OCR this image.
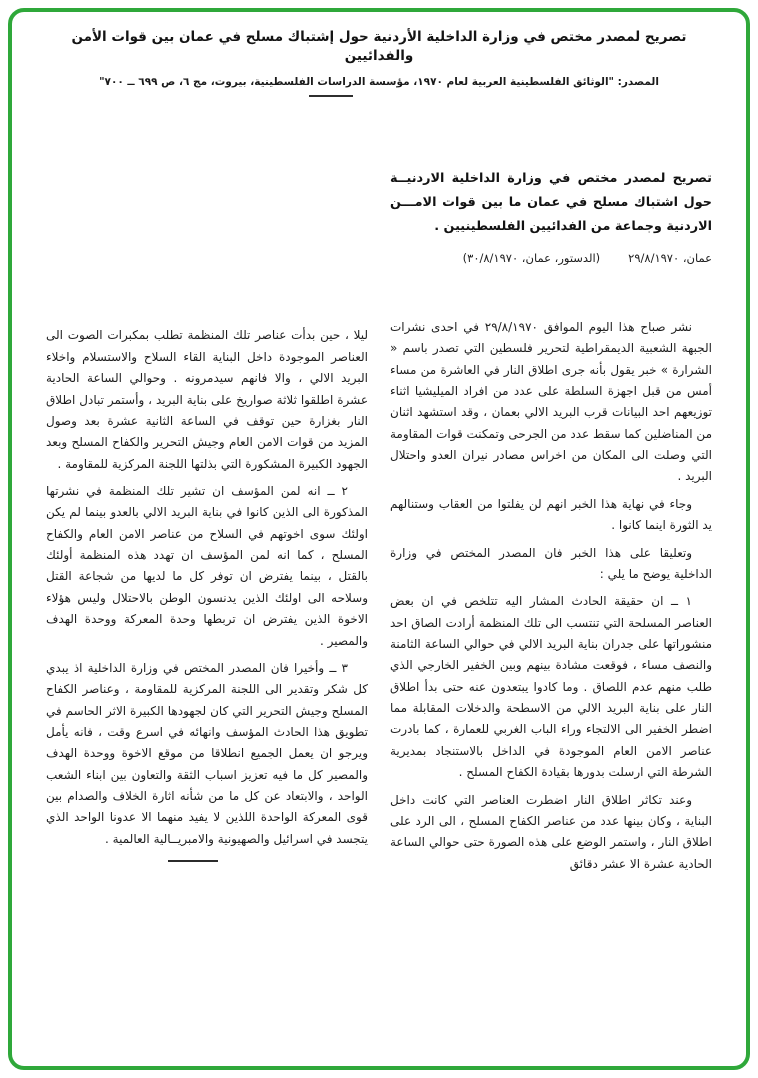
تصريح لمصدر مختص في وزارة الداخلية الأردنية حول إشتباك مسلح في عمان بين قوات الأمن والفدائيين
المصدر: "الوثائق الفلسطينية العربية لعام ١٩٧٠، مؤسسة الدراسات الفلسطينية، بيروت، مج ٦، ص ٦٩٩ ــ ٧٠٠"
تصريح لمصدر مختص في وزارة الداخلية الاردنيــة حول اشتباك مسلح في عمان ما بين قوات الامـــن الاردنية وجماعة من الفدائيين الفلسطينيين .
عمان، ٢٩/٨/١٩٧٠
(الدستور، عمان، ٣٠/٨/١٩٧٠)

نشر صباح هذا اليوم الموافق ٢٩/٨/١٩٧٠ في احدى نشرات الجبهة الشعبية الديمقراطية لتحرير فلسطين التي تصدر باسم « الشرارة » خبر يقول بأنه جرى اطلاق النار في العاشرة من مساء أمس من قبل اجهزة السلطة على عدد من افراد الميليشيا اثناء توزيعهم احد البيانات قرب البريد الالي بعمان ، وقد استشهد اثنان من المناضلين كما سقط عدد من الجرحى وتمكنت قوات المقاومة التي وصلت الى المكان من اخراس مصادر نيران العدو واحتلال البريد .

وجاء في نهاية هذا الخبر انهم لن يفلتوا من العقاب وستنالهم يد الثورة اينما كانوا .

وتعليقا على هذا الخبر فان المصدر المختص في وزارة الداخلية يوضح ما يلي :

١ ــ ان حقيقة الحادث المشار اليه تتلخص في ان بعض العناصر المسلحة التي تنتسب الى تلك المنظمة أرادت الصاق احد منشوراتها على جدران بناية البريد الالي في حوالي الساعة الثامنة والنصف مساء ، فوقعت مشادة بينهم وبين الخفير الخارجي الذي طلب منهم عدم اللصاق . وما كادوا يبتعدون عنه حتى بدأ اطلاق النار على بناية البريد الالي من الاسطحة والدخلات المقابلة مما اضطر الخفير الى الالتجاء وراء الباب الغربي للعمارة ، كما بادرت عناصر الامن العام الموجودة في الداخل بالاستنجاد بمديرية الشرطة التي ارسلت بدورها بقيادة الكفاح المسلح .

وعند تكاثر اطلاق النار اضطرت العناصر التي كانت داخل البناية ، وكان بينها عدد من عناصر الكفاح المسلح ، الى الرد على اطلاق النار ، واستمر الوضع على هذه الصورة حتى حوالي الساعة الحادية عشرة الا عشر دقائق

ليلا ، حين بدأت عناصر تلك المنظمة تطلب بمكبرات الصوت الى العناصر الموجودة داخل البناية القاء السلاح والاستسلام واخلاء البريد الالي ، والا فانهم سيدمرونه . وحوالي الساعة الحادية عشرة اطلقوا ثلاثة صواريخ على بناية البريد ، وأستمر تبادل اطلاق النار بغزارة حين توقف في الساعة الثانية عشرة بعد وصول المزيد من قوات الامن العام وجيش التحرير والكفاح المسلح وبعد الجهود الكبيرة المشكورة التي بذلتها اللجنة المركزية للمقاومة .

٢ ــ انه لمن المؤسف ان تشير تلك المنظمة في نشرتها المذكورة الى الذين كانوا في بناية البريد الالي بالعدو بينما لم يكن اولئك سوى اخوتهم في السلاح من عناصر الامن العام والكفاح المسلح ، كما انه لمن المؤسف ان تهدد هذه المنظمة أولئك بالقتل ، بينما يفترض ان توفر كل ما لديها من شجاعة القتل وسلاحه الى اولئك الذين يدنسون الوطن بالاحتلال وليس هؤلاء الاخوة الذين يفترض ان تربطها وحدة المعركة ووحدة الهدف والمصير .

٣ ــ وأخيرا فان المصدر المختص في وزارة الداخلية اذ يبدي كل شكر وتقدير الى اللجنة المركزية للمقاومة ، وعناصر الكفاح المسلح وجيش التحرير التي كان لجهودها الكبيرة الاثر الحاسم في تطويق هذا الحادث المؤسف وانهائه في اسرع وقت ، فانه يأمل ويرجو ان يعمل الجميع انطلاقا من موقع الاخوة ووحدة الهدف والمصير كل ما فيه تعزيز اسباب الثقة والتعاون بين ابناء الشعب الواحد ، والابتعاد عن كل ما من شأنه اثارة الخلاف والصدام بين قوى المعركة الواحدة اللذين لا يفيد منهما الا عدونا الواحد الذي يتجسد في اسرائيل والصهيونية والامبريــالية العالمية .
